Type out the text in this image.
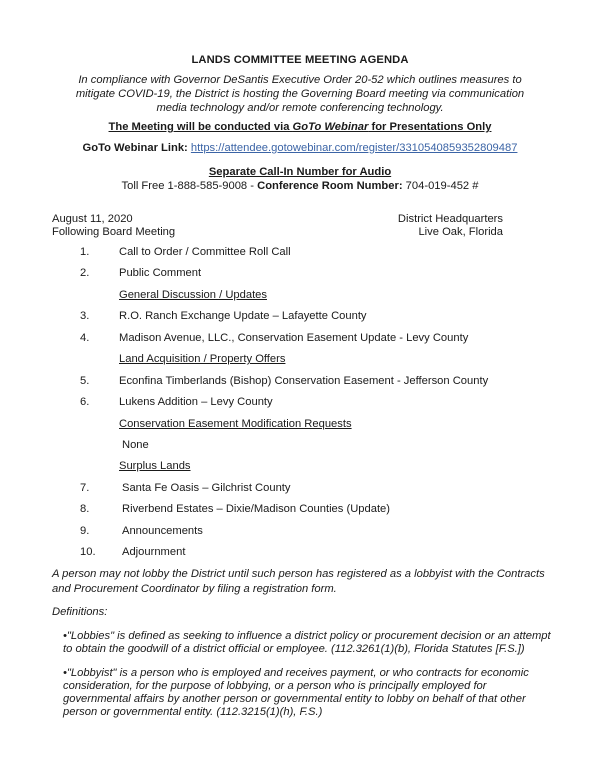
LANDS COMMITTEE MEETING AGENDA
In compliance with Governor DeSantis Executive Order 20-52 which outlines measures to mitigate COVID-19, the District is hosting the Governing Board meeting via communication media technology and/or remote conferencing technology.
The Meeting will be conducted via GoTo Webinar for Presentations Only
GoTo Webinar Link: https://attendee.gotowebinar.com/register/3310540859352809487
Separate Call-In Number for Audio
Toll Free 1-888-585-9008 - Conference Room Number: 704-019-452 #
August 11, 2020
Following Board Meeting
District Headquarters
Live Oak, Florida
1.	Call to Order / Committee Roll Call
2.	Public Comment
General Discussion / Updates
3.	R.O. Ranch Exchange Update – Lafayette County
4.	Madison Avenue, LLC., Conservation Easement Update - Levy County
Land Acquisition / Property Offers
5.	Econfina Timberlands (Bishop) Conservation Easement - Jefferson County
6.	Lukens Addition – Levy County
Conservation Easement Modification Requests
None
Surplus Lands
7.	Santa Fe Oasis – Gilchrist County
8.	Riverbend Estates – Dixie/Madison Counties (Update)
9.	Announcements
10. Adjournment
A person may not lobby the District until such person has registered as a lobbyist with the Contracts and Procurement Coordinator by filing a registration form.
Definitions:
•"Lobbies" is defined as seeking to influence a district policy or procurement decision or an attempt to obtain the goodwill of a district official or employee. (112.3261(1)(b), Florida Statutes [F.S.])
•"Lobbyist" is a person who is employed and receives payment, or who contracts for economic consideration, for the purpose of lobbying, or a person who is principally employed for governmental affairs by another person or governmental entity to lobby on behalf of that other person or governmental entity. (112.3215(1)(h), F.S.)
